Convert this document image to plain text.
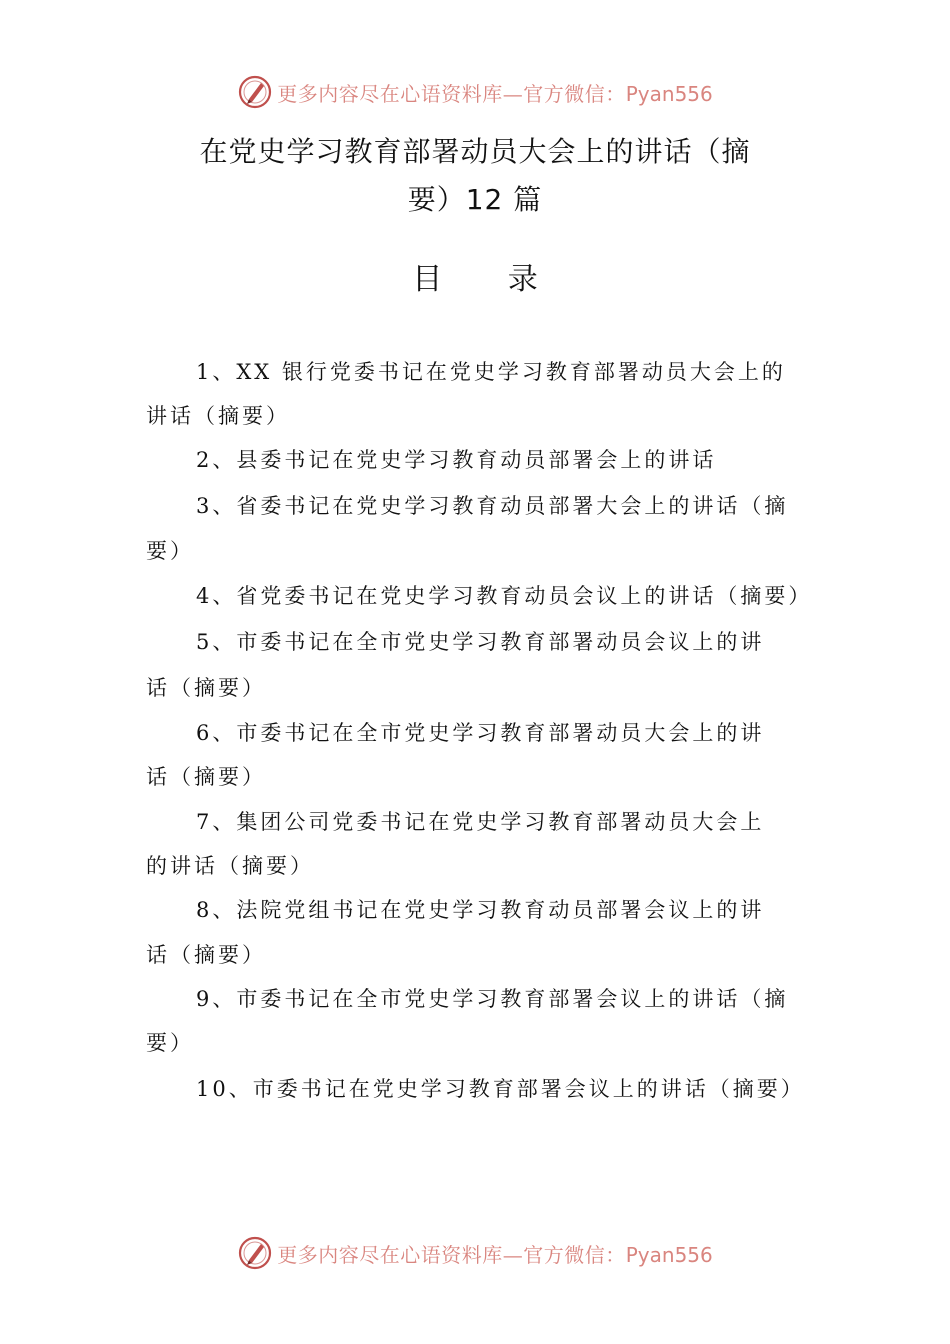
更多内容尽在心语资料库—官方微信：Pyan556
在党史学习教育部署动员大会上的讲话（摘
要）12 篇
目 录
1、XX 银行党委书记在党史学习教育部署动员大会上的
讲话（摘要）
2、县委书记在党史学习教育动员部署会上的讲话
3、省委书记在党史学习教育动员部署大会上的讲话（摘
要）
4、省党委书记在党史学习教育动员会议上的讲话（摘要）
5、市委书记在全市党史学习教育部署动员会议上的讲
话（摘要）
6、市委书记在全市党史学习教育部署动员大会上的讲
话（摘要）
7、集团公司党委书记在党史学习教育部署动员大会上
的讲话（摘要）
8、法院党组书记在党史学习教育动员部署会议上的讲
话（摘要）
9、市委书记在全市党史学习教育部署会议上的讲话（摘
要）
10、市委书记在党史学习教育部署会议上的讲话（摘要）
更多内容尽在心语资料库—官方微信：Pyan556
